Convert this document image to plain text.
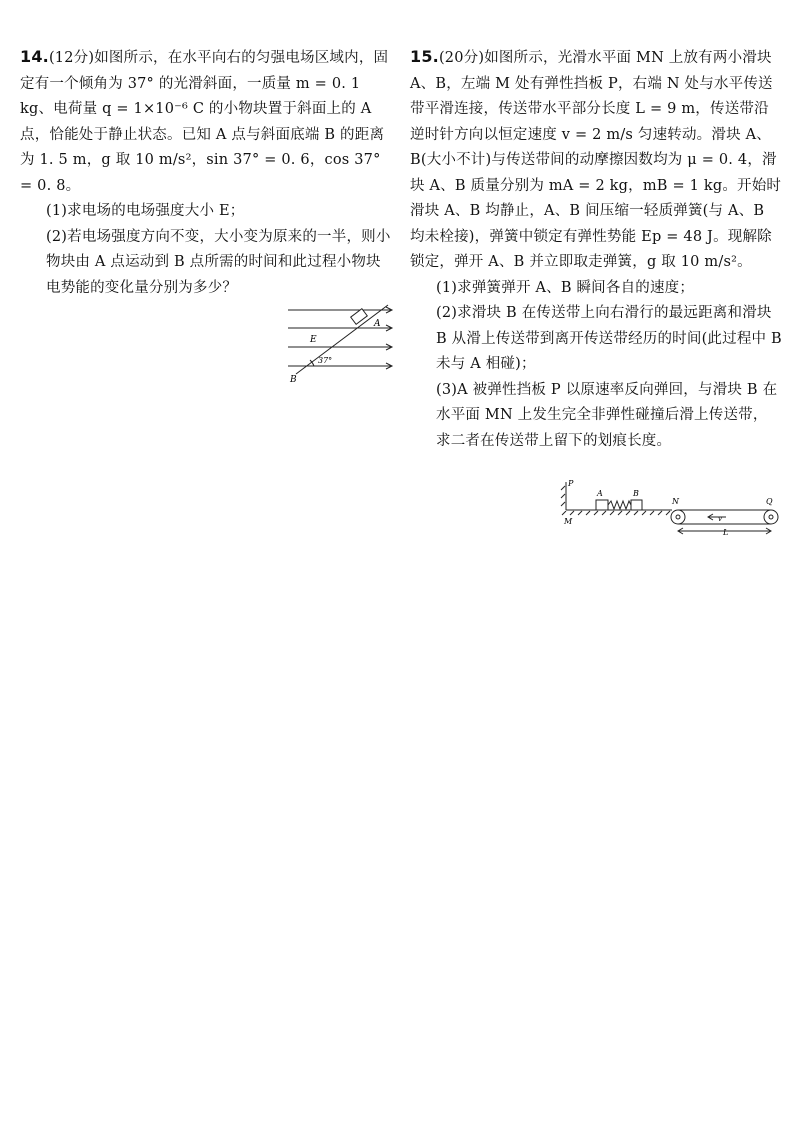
14.(12分)如图所示，在水平向右的匀强电场区域内，固定有一个倾角为 37° 的光滑斜面，一质量 m = 0. 1 kg、电荷量 q = 1×10⁻⁶ C 的小物块置于斜面上的 A 点，恰能处于静止状态。已知 A 点与斜面底端 B 的距离为 1. 5 m，g 取 10 m/s²，sin 37° = 0. 6，cos 37° = 0. 8。
(1)求电场的电场强度大小 E；
(2)若电场强度方向不变，大小变为原来的一半，则小物块由 A 点运动到 B 点所需的时间和此过程小物块电势能的变化量分别为多少？
A
E
37°
B
15.(20分)如图所示，光滑水平面 MN 上放有两小滑块 A、B，左端 M 处有弹性挡板 P，右端 N 处与水平传送带平滑连接，传送带水平部分长度 L = 9 m，传送带沿逆时针方向以恒定速度 v = 2 m/s 匀速转动。滑块 A、B(大小不计)与传送带间的动摩擦因数均为 μ = 0. 4，滑块 A、B 质量分别为 mA = 2 kg，mB = 1 kg。开始时滑块 A、B 均静止，A、B 间压缩一轻质弹簧(与 A、B 均未栓接)，弹簧中锁定有弹性势能 Ep = 48 J。现解除锁定，弹开 A、B 并立即取走弹簧，g 取 10 m/s²。
(1)求弹簧弹开 A、B 瞬间各自的速度；
(2)求滑块 B 在传送带上向右滑行的最远距离和滑块 B 从滑上传送带到离开传送带经历的时间(此过程中 B 未与 A 相碰)；
(3)A 被弹性挡板 P 以原速率反向弹回，与滑块 B 在水平面 MN 上发生完全非弹性碰撞后滑上传送带，求二者在传送带上留下的划痕长度。
P
M
A	B
N	Q
v
L
